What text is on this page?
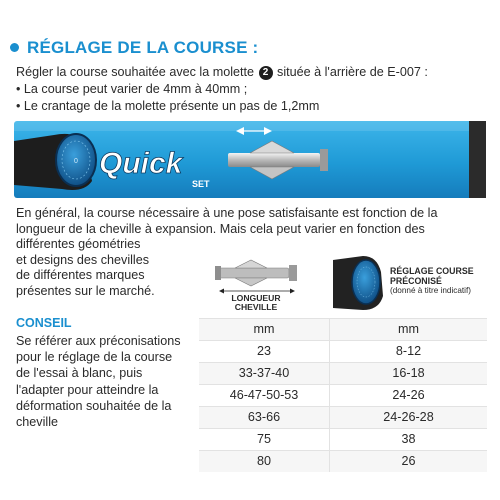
RÉGLAGE DE LA COURSE :
Régler la course souhaitée avec la molette 2 située à l'arrière de E-007 :
• La course peut varier de 4mm à 40mm ;
• Le crantage de la molette présente un pas de 1,2mm
0 Quick
SET
En général, la course nécessaire à une pose satisfaisante est fonction de la
longueur de la cheville à expansion. Mais cela peut varier en fonction des
différentes géométries
et designs des chevilles
de différentes marques
présentes sur le marché.
CONSEIL
Se référer aux préconisations
pour le réglage de la course
de l'essai à blanc, puis
l'adapter pour atteindre la
déformation souhaitée de la
cheville
LONGUEUR
CHEVILLE
RÉGLAGE COURSE
PRÉCONISÉ
(donné à titre indicatif)
mm	mm
23	8-12
33-37-40	16-18
46-47-50-53	24-26
63-66	24-26-28
75	38
80	26
